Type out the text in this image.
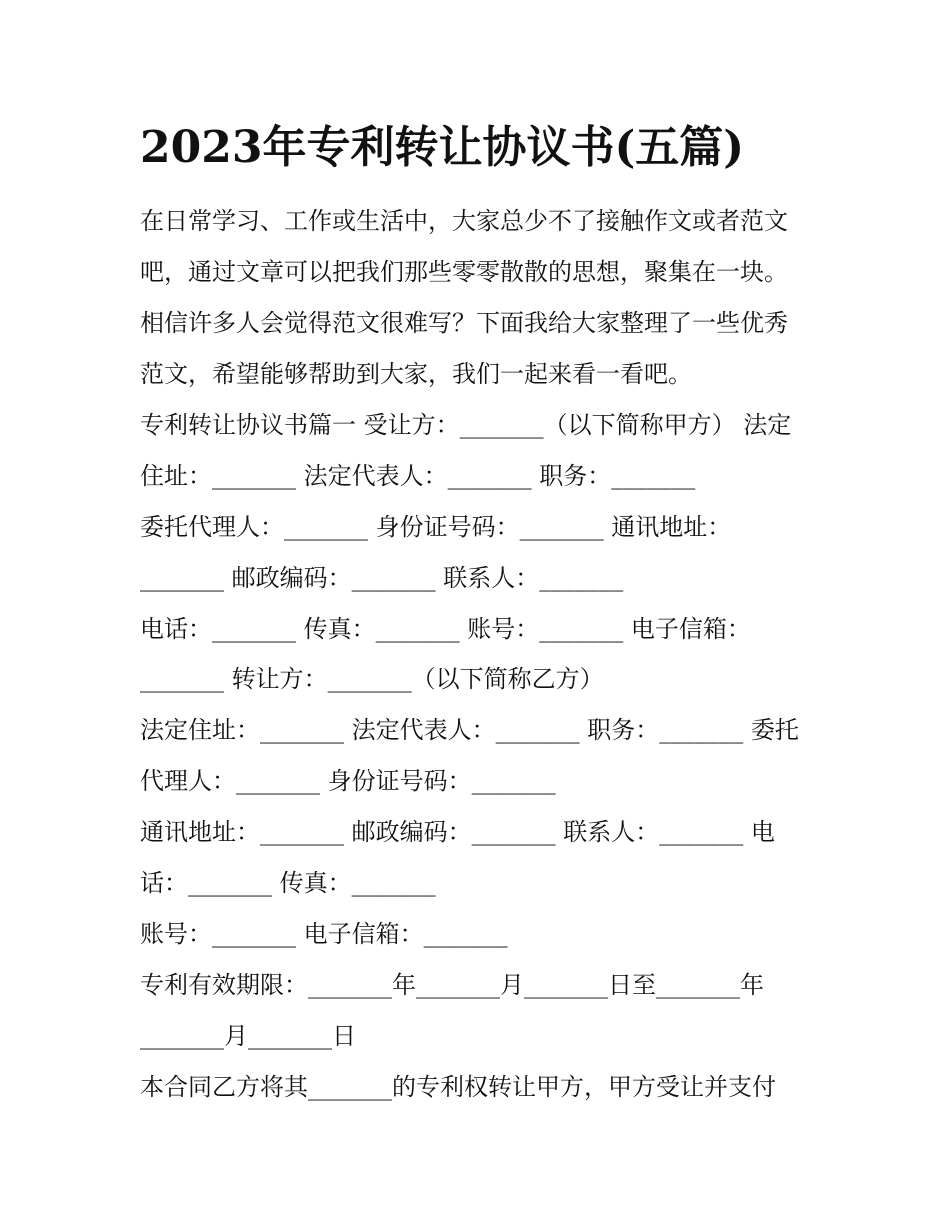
2023年专利转让协议书(五篇)
在日常学习、工作或生活中，大家总少不了接触作文或者范文
吧，通过文章可以把我们那些零零散散的思想，聚集在一块。
相信许多人会觉得范文很难写？下面我给大家整理了一些优秀
范文，希望能够帮助到大家，我们一起来看一看吧。
专利转让协议书篇一 受让方：_______（以下简称甲方） 法定
住址：_______ 法定代表人：_______ 职务：_______
委托代理人：_______ 身份证号码：_______ 通讯地址：
_______ 邮政编码：_______ 联系人：_______
电话：_______ 传真：_______ 账号：_______ 电子信箱：
_______ 转让方：_______（以下简称乙方）
法定住址：_______ 法定代表人：_______ 职务：_______ 委托
代理人：_______ 身份证号码：_______
通讯地址：_______ 邮政编码：_______ 联系人：_______ 电
话：_______ 传真：_______
账号：_______ 电子信箱：_______
专利有效期限：_______年_______月_______日至_______年
_______月_______日
本合同乙方将其_______的专利权转让甲方，甲方受让并支付
